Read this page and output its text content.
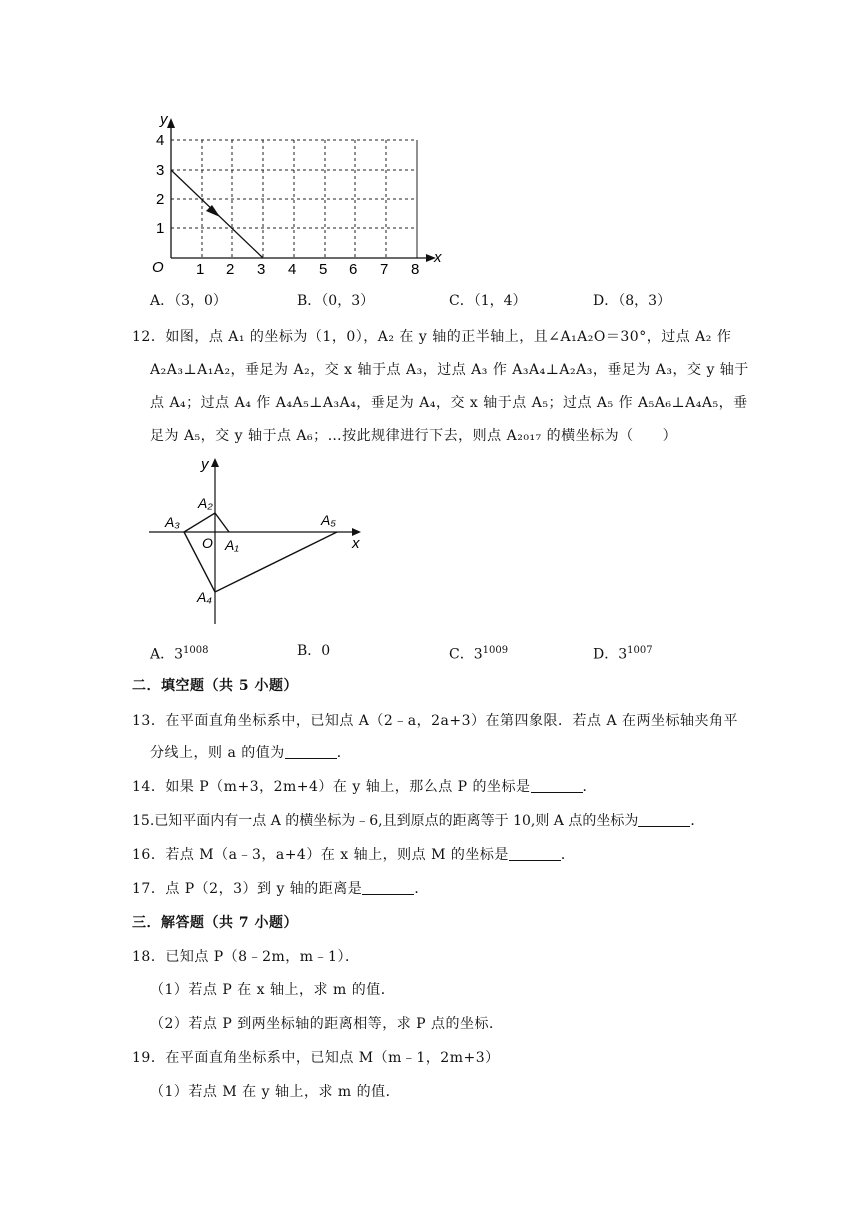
y
x
O
1
2
3
4
1 2 3 4 5 6 7 8
A．（3，0）	B．（0，3）	C．（1，4）	D．（8，3）
12．如图，点 A₁ 的坐标为（1，0），A₂ 在 y 轴的正半轴上，且∠A₁A₂O＝30°，过点 A₂ 作
A₂A₃⊥A₁A₂，垂足为 A₂，交 x 轴于点 A₃，过点 A₃ 作 A₃A₄⊥A₂A₃，垂足为 A₃，交 y 轴于
点 A₄；过点 A₄ 作 A₄A₅⊥A₃A₄，垂足为 A₄，交 x 轴于点 A₅；过点 A₅ 作 A₅A₆⊥A₄A₅，垂
足为 A₅，交 y 轴于点 A₆；…按此规律进行下去，则点 A₂₀₁₇ 的横坐标为（　　）
y
x
O A₁
A₂
A₃
A₄
A₅
A．$3^{1008}$	B．0	C．$3^{1009}$	D．$3^{1007}$
二．填空题（共 5 小题）
13．在平面直角坐标系中，已知点 A（2﹣a，2a+3）在第四象限．若点 A 在两坐标轴夹角平
分线上，则 a 的值为	．
14．如果 P（m+3，2m+4）在 y 轴上，那么点 P 的坐标是	．
15.已知平面内有一点 A 的横坐标为﹣6,且到原点的距离等于 10,则 A 点的坐标为	．
16．若点 M（a﹣3，a+4）在 x 轴上，则点 M 的坐标是	．
17．点 P（2，3）到 y 轴的距离是	．
三．解答题（共 7 小题）
18．已知点 P（8﹣2m，m﹣1）．
（1）若点 P 在 x 轴上，求 m 的值．
（2）若点 P 到两坐标轴的距离相等，求 P 点的坐标．
19．在平面直角坐标系中，已知点 M（m﹣1，2m+3）
（1）若点 M 在 y 轴上，求 m 的值．
